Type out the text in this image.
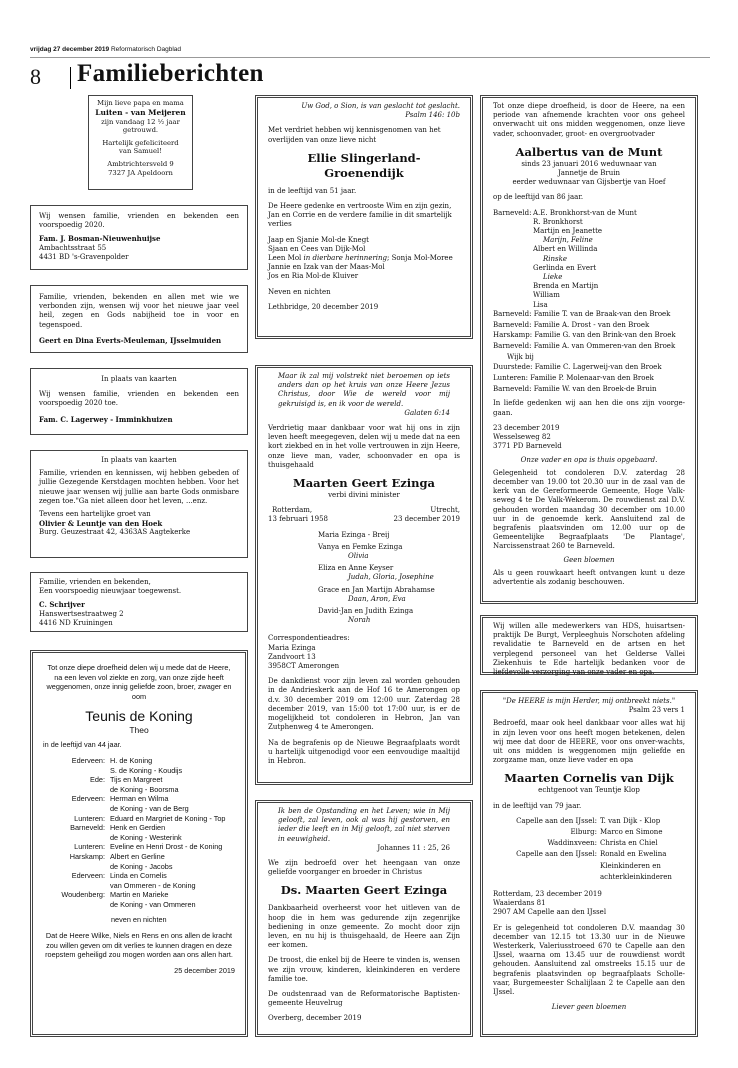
vrijdag 27 december 2019 Reformatorisch Dagblad
8 Familieberichten

Mijn lieve papa en mama

Luiten - van Meijeren

zijn vandaag 12 ½ jaar

getrouwd.

Hartelijk gefeliciteerd

van Samuel!

Ambtrichtersveld 9

7327 JA Apeldoorn

Wij wensen familie, vrienden en bekenden een voorspoedig 2020.

Fam. J. Bosman-Nieuwenhuijse

Ambachtsstraat 55

4431 BD 's-Gravenpolder

Familie, vrienden, bekenden en allen met wie we verbonden zijn, wensen wij voor het nieuwe jaar veel heil, zegen en Gods nabijheid toe in voor en tegenspoed.

Geert en Dina Everts-Meuleman, IJsselmuiden

In plaats van kaarten

Wij wensen familie, vrienden en bekenden een voorspoedig 2020 toe.

Fam. C. Lagerwey - Imminkhuizen

In plaats van kaarten

Familie, vrienden en kennissen, wij hebben gebeden of jullie Gezegende Kerstdagen mochten hebben. Voor het nieuwe jaar wensen wij jullie aan barte Gods onmisbare zegen toe."Ga niet alleen door het leven, ...enz.

Tevens een hartelijke groet van

Olivier & Leuntje van den Hoek

Burg. Geuzestraat 42, 4363AS Aagtekerke

Familie, vrienden en bekenden,

Een voorspoedig nieuwjaar toegewenst.

C. Schrijver

Hanswertsestraatweg 2

4416 ND Kruiningen

Tot onze diepe droefheid delen wij u mede dat de Heere, na een leven vol ziekte en zorg, van onze zijde heeft weggenomen, onze innig geliefde zoon, broer, zwager en oom

Teunis de Koning

Theo

in de leeftijd van 44 jaar.

Ederveen: H. de Koning
S. de Koning - Koudijs
Ede: Tijs en Margreet
de Koning - Boorsma
Ederveen: Herman en Wilma
de Koning - van de Berg
Lunteren: Eduard en Margriet de Koning - Top
Barneveld: Henk en Gerdien
de Koning - Westerink
Lunteren: Eveline en Henri Drost - de Koning
Harskamp: Albert en Gerline
de Koning - Jacobs
Ederveen: Linda en Cornelis
van Ommeren - de Koning
Woudenberg: Martin en Marieke
de Koning - van Ommeren

neven en nichten

Dat de Heere Wilke, Niels en Rens en ons allen de kracht zou willen geven om dit verlies te kunnen dragen en deze roepstem geheiligd zou mogen worden aan ons allen hart.

25 december 2019

Uw God, o Sion, is van geslacht tot geslacht.

Psalm 146: 10b

Met verdriet hebben wij kennisgenomen van het overlijden van onze lieve nicht

Ellie Slingerland-Groenendijk

in de leeftijd van 51 jaar.

De Heere gedenke en vertrooste Wim en zijn gezin, Jan en Corrie en de verdere familie in dit smartelijk verlies

Jaap en Sjanie Mol-de Knegt

Sjaan en Cees van Dijk-Mol

Leen Mol in dierbare herinnering; Sonja Mol-Moree

Jannie en Izak van der Maas-Mol

Jos en Ria Mol-de Kluiver

Neven en nichten

Lethbridge, 20 december 2019

Maar ik zal mij volstrekt niet beroemen op iets anders dan op het kruis van onze Heere Jezus Christus, door Wie de wereld voor mij gekruisigd is, en ik voor de wereld.

Galaten 6:14

Verdrietig maar dankbaar voor wat hij ons in zijn leven heeft meegegeven, delen wij u mede dat na een kort ziekbed en in het volle vertrouwen in zijn Heere, onze lieve man, vader, schoonvader en opa is thuisgehaald

Maarten Geert Ezinga

verbi divini minister

Rotterdam,

13 februari 1958

Utrecht,

23 december 2019

Maria Ezinga - Breij

Vanya en Femke Ezinga

Olivia

Eliza en Anne Keyser

Judah, Gloria, Josephine

Grace en Jan Martijn Abrahamse

Daan, Aron, Eva

David-Jan en Judith Ezinga

Norah

Correspondentieadres:

Maria Ezinga

Zandvoort 13

3958CT Amerongen

De dankdienst voor zijn leven zal worden gehouden in de Andrieskerk aan de Hof 16 te Amerongen op d.v. 30 december 2019 om 12:00 uur. Zaterdag 28 december 2019, van 15:00 tot 17:00 uur, is er de mogelijkheid tot condoleren in Hebron, Jan van Zutphenweg 4 te Amerongen.

Na de begrafenis op de Nieuwe Begraafplaats wordt u hartelijk uitgenodigd voor een eenvoudige maaltijd in Hebron.

Ik ben de Opstanding en het Leven; wie in Mij gelooft, zal leven, ook al was hij gestorven, en ieder die leeft en in Mij gelooft, zal niet sterven in eeuwigheid.

Johannes 11 : 25, 26

We zijn bedroefd over het heengaan van onze geliefde voorganger en broeder in Christus

Ds. Maarten Geert Ezinga

Dankbaarheid overheerst voor het uitleven van de hoop die in hem was gedurende zijn zegenrijke bediening in onze gemeente. Zo mocht door zijn leven, en nu hij is thuisgehaald, de Heere aan Zijn eer komen.

De troost, die enkel bij de Heere te vinden is, wensen we zijn vrouw, kinderen, kleinkinderen en verdere familie toe.

De oudstenraad van de Reformatorische Baptisten-gemeente Heuvelrug

Overberg, december 2019

Tot onze diepe droefheid, is door de Heere, na een periode van afnemende krachten voor ons geheel onverwacht uit ons midden weggenomen, onze lieve vader, schoonvader, groot- en overgrootvader

Aalbertus van de Munt

sinds 23 januari 2016 weduwnaar van

Jannetje de Bruin

eerder weduwnaar van Gijsbertje van Hoef

op de leeftijd van 86 jaar.

Barneveld: A.E. Bronkhorst-van de Munt

R. Bronkhorst

Martijn en Jeanette

Marijn, Feline

Albert en Willinda

Rinske

Gerlinda en Evert

Lieke

Brenda en Martijn

William

Lisa

Barneveld: Familie T. van de Braak-van den Broek

Barneveld: Familie A. Drost - van den Broek

Harskamp: Familie G. van den Brink-van den Broek

Barneveld: Familie A. van Ommeren-van den Broek

Wijk bij

Duurstede: Familie C. Lagerweij-van den Broek

Lunteren: Familie P. Molenaar-van den Broek

Barneveld: Familie W. van den Broek-de Bruin

In liefde gedenken wij aan hen die ons zijn voorge-gaan.

23 december 2019

Wesselseweg 82

3771 PD Barneveld

Onze vader en opa is thuis opgebaard.

Gelegenheid tot condoleren D.V. zaterdag 28 december van 19.00 tot 20.30 uur in de zaal van de kerk van de Gereformeerde Gemeente, Hoge Valk-seweg 4 te De Valk-Wekerom. De rouwdienst zal D.V. gehouden worden maandag 30 december om 10.00 uur in de genoemde kerk. Aansluitend zal de begrafenis plaatsvinden om 12.00 uur op de Gemeentelijke Begraafplaats 'De Plantage', Narcissenstraat 260 te Barneveld.

Geen bloemen

Als u geen rouwkaart heeft ontvangen kunt u deze advertentie als zodanig beschouwen.

Wij willen alle medewerkers van HDS, huisartsen-praktijk De Burgt, Verpleeghuis Norschoten afdeling revalidatie te Barneveld en de artsen en het verplegend personeel van het Gelderse Vallei Ziekenhuis te Ede hartelijk bedanken voor de liefdevolle verzorging van onze vader en opa.

"De HEERE is mijn Herder, mij ontbreekt niets."

Psalm 23 vers 1

Bedroefd, maar ook heel dankbaar voor alles wat hij in zijn leven voor ons heeft mogen betekenen, delen wij mee dat door de HEERE, voor ons onver-wachts, uit ons midden is weggenomen mijn geliefde en zorgzame man, onze lieve vader en opa

Maarten Cornelis van Dijk

echtgenoot van Teuntje Klop

in de leeftijd van 79 jaar.

Capelle aan den IJssel: T. van Dijk - Klop
Elburg: Marco en Simone
Waddinxveen: Christa en Chiel
Capelle aan den IJssel: Ronald en Ewelina
Kleinkinderen en
achterkleinkinderen

Rotterdam, 23 december 2019

Waaierdans 81

2907 AM Capelle aan den IJssel

Er is gelegenheid tot condoleren D.V. maandag 30 december van 12.15 tot 13.30 uur in de Nieuwe Westerkerk, Valeriusstroeed 670 te Capelle aan den IJssel, waarna om 13.45 uur de rouwdienst wordt gehouden. Aansluitend zal omstreeks 15.15 uur de begrafenis plaatsvinden op begraafplaats Scholle-vaar, Burgemeester Schalijlaan 2 te Capelle aan den IJssel.

Liever geen bloemen
